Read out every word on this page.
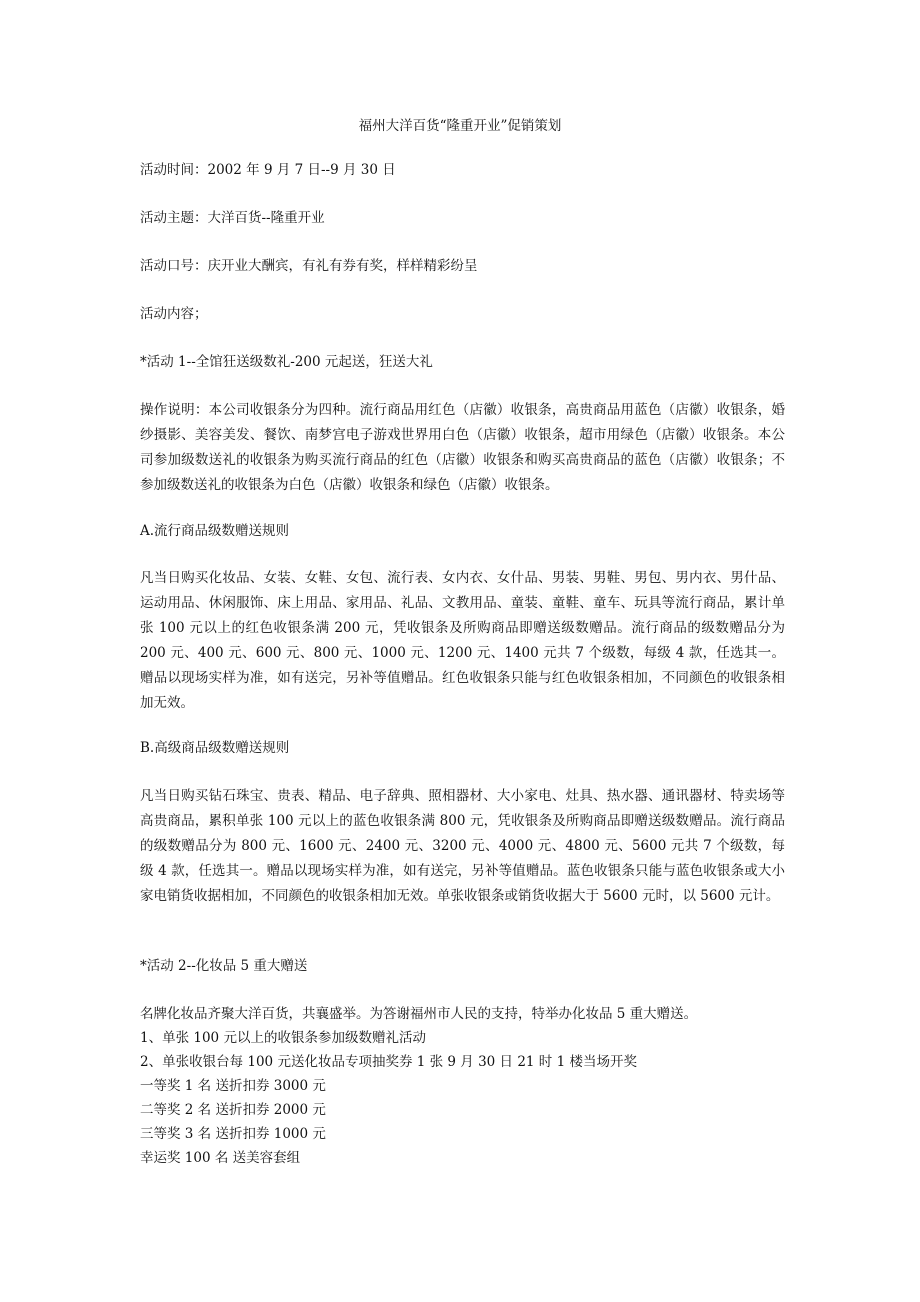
福州大洋百货“隆重开业”促销策划

活动时间：2002 年 9 月 7 日--9 月 30 日

活动主题：大洋百货--隆重开业

活动口号：庆开业大酬宾，有礼有券有奖，样样精彩纷呈

活动内容；

*活动 1--全馆狂送级数礼-200 元起送，狂送大礼

操作说明：本公司收银条分为四种。流行商品用红色（店徽）收银条，高贵商品用蓝色（店徽）收银条，婚纱摄影、美容美发、餐饮、南梦宫电子游戏世界用白色（店徽）收银条，超市用绿色（店徽）收银条。本公司参加级数送礼的收银条为购买流行商品的红色（店徽）收银条和购买高贵商品的蓝色（店徽）收银条；不参加级数送礼的收银条为白色（店徽）收银条和绿色（店徽）收银条。

A.流行商品级数赠送规则

凡当日购买化妆品、女装、女鞋、女包、流行表、女内衣、女什品、男装、男鞋、男包、男内衣、男什品、运动用品、休闲服饰、床上用品、家用品、礼品、文教用品、童装、童鞋、童车、玩具等流行商品，累计单张 100 元以上的红色收银条满 200 元，凭收银条及所购商品即赠送级数赠品。流行商品的级数赠品分为 200 元、400 元、600 元、800 元、1000 元、1200 元、1400 元共 7 个级数，每级 4 款，任选其一。赠品以现场实样为准，如有送完，另补等值赠品。红色收银条只能与红色收银条相加，不同颜色的收银条相加无效。

B.高级商品级数赠送规则

凡当日购买钻石珠宝、贵表、精品、电子辞典、照相器材、大小家电、灶具、热水器、通讯器材、特卖场等高贵商品，累积单张 100 元以上的蓝色收银条满 800 元，凭收银条及所购商品即赠送级数赠品。流行商品的级数赠品分为 800 元、1600 元、2400 元、3200 元、4000 元、4800 元、5600 元共 7 个级数，每级 4 款，任选其一。赠品以现场实样为准，如有送完，另补等值赠品。蓝色收银条只能与蓝色收银条或大小家电销货收据相加，不同颜色的收银条相加无效。单张收银条或销货收据大于 5600 元时，以 5600 元计。

*活动 2--化妆品 5 重大赠送

名牌化妆品齐聚大洋百货，共襄盛举。为答谢福州市人民的支持，特举办化妆品 5 重大赠送。
1、单张 100 元以上的收银条参加级数赠礼活动
2、单张收银台每 100 元送化妆品专项抽奖券 1 张 9 月 30 日 21 时 1 楼当场开奖
一等奖 1 名 送折扣券 3000 元
二等奖 2 名 送折扣券 2000 元
三等奖 3 名 送折扣券 1000 元
幸运奖 100 名 送美容套组
